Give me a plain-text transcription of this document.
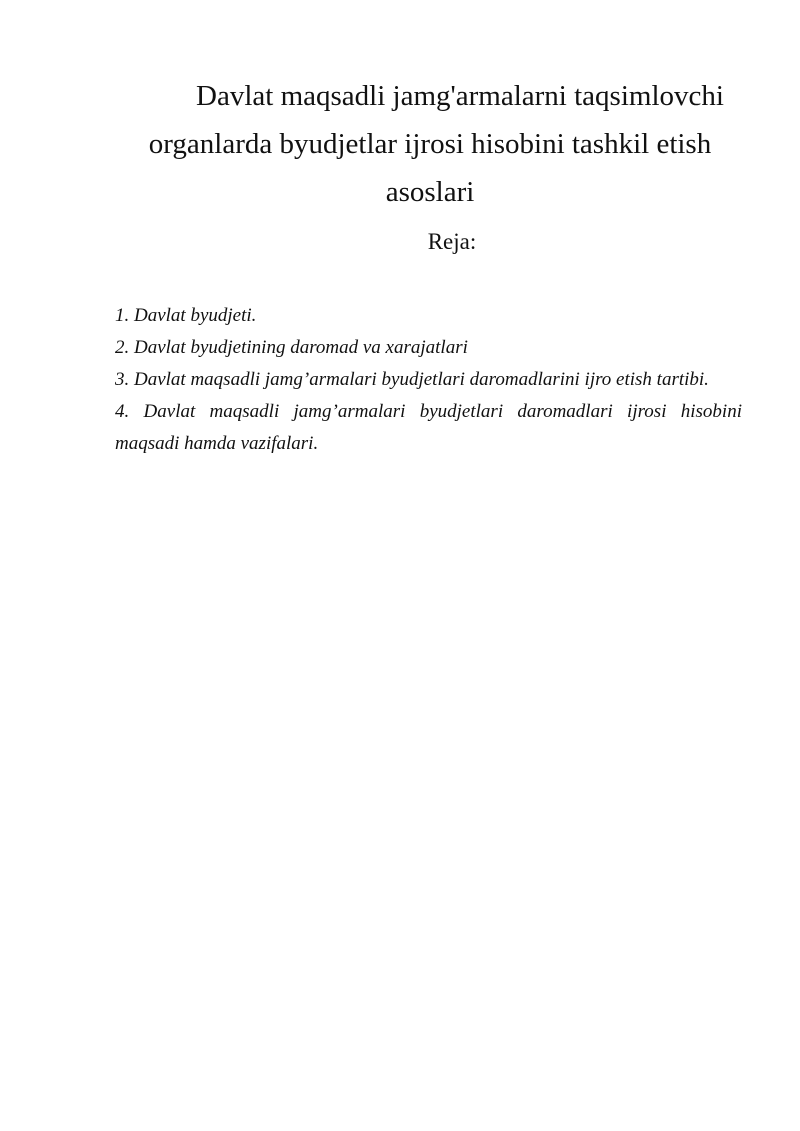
Davlat maqsadli jamg'armalarni taqsimlovchi
organlarda byudjetlar ijrosi hisobini tashkil etish
asoslari
Reja:
1. Davlat byudjeti.
2. Davlat byudjetining daromad va xarajatlari
3. Davlat maqsadli jamg’armalari byudjetlari daromadlarini ijro etish tartibi.
4. Davlat maqsadli jamg’armalari byudjetlari daromadlari ijrosi hisobini maqsadi hamda vazifalari.
